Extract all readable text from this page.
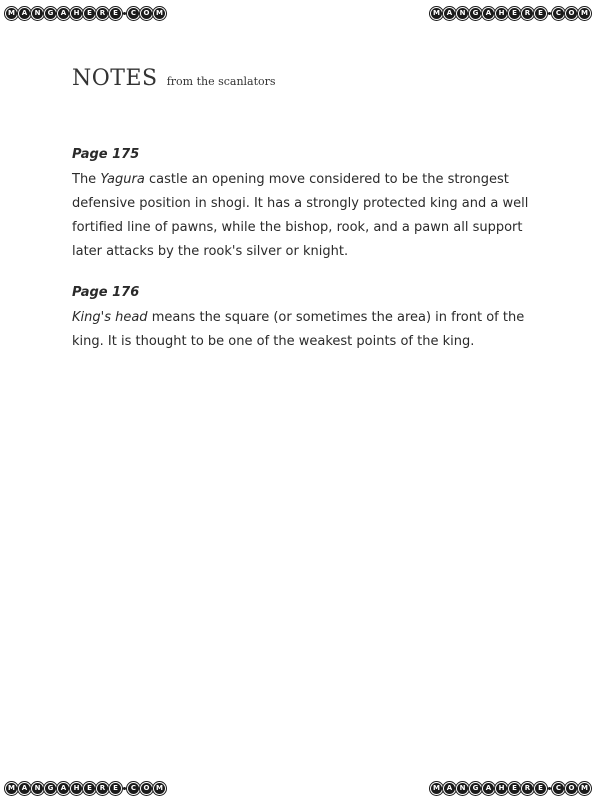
M A	N	G	A	H	E	R	E	C	O M	M A	N	G	A	H	E	R	E	C	O M
M A	N	G	A	H	E	R	E	C	O M	M A	N	G	A	H	E	R	E	C	O M
NOTES from the scanlators
Page 175
The Yagura castle an opening move considered to be the strongest defensive position in shogi. It has a strongly protected king and a well fortified line of pawns, while the bishop, rook, and a pawn all support later attacks by the rook's silver or knight.
Page 176
King's head means the square (or sometimes the area) in front of the king. It is thought to be one of the weakest points of the king.
